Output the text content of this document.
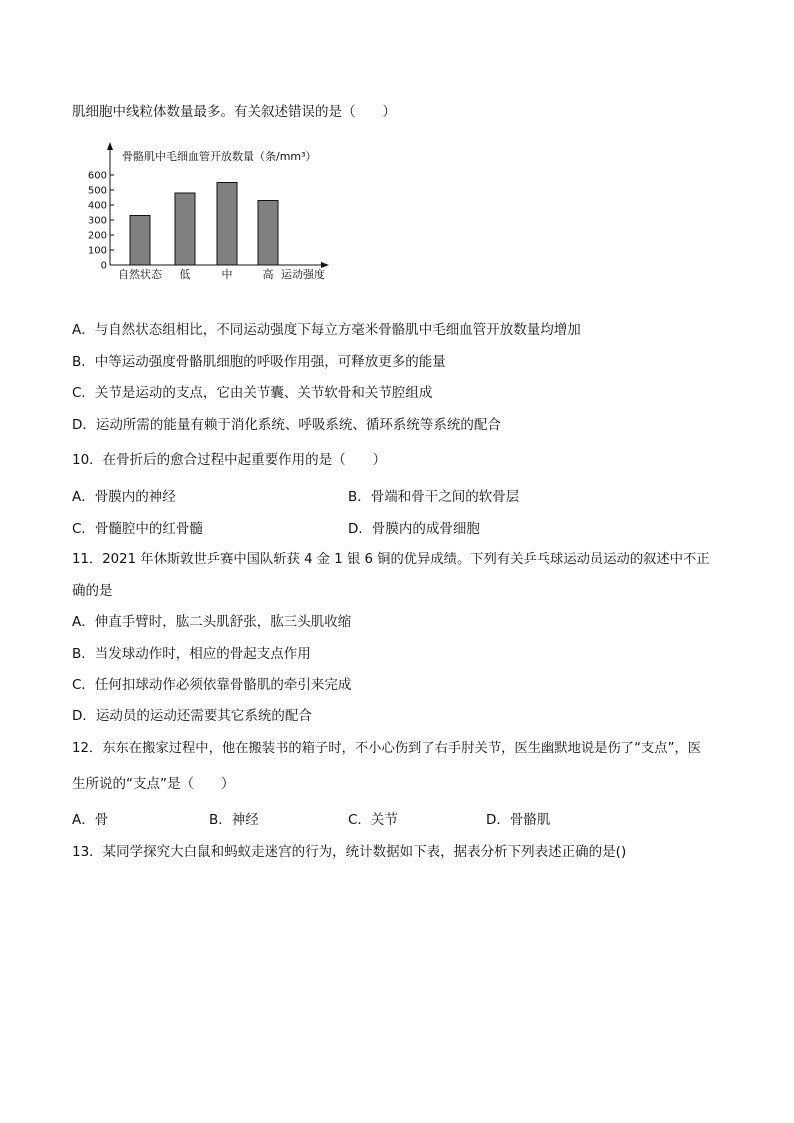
肌细胞中线粒体数量最多。有关叙述错误的是（　　）
骨骼肌中毛细血管开放数量（条/mm³）
0
100
200
300
400
500
600
自然状态 低	中	高 运动强度
A．与自然状态组相比，不同运动强度下每立方毫米骨骼肌中毛细血管开放数量均增加
B．中等运动强度骨骼肌细胞的呼吸作用强，可释放更多的能量
C．关节是运动的支点，它由关节囊、关节软骨和关节腔组成
D．运动所需的能量有赖于消化系统、呼吸系统、循环系统等系统的配合
10．在骨折后的愈合过程中起重要作用的是（　　）
A．骨膜内的神经	B．骨端和骨干之间的软骨层
C．骨髓腔中的红骨髓	D．骨膜内的成骨细胞
11．2021 年休斯敦世乒赛中国队斩获 4 金 1 银 6 铜的优异成绩。下列有关乒乓球运动员运动的叙述中不正
确的是
A．伸直手臂时，肱二头肌舒张，肱三头肌收缩
B．当发球动作时，相应的骨起支点作用
C．任何扣球动作必须依靠骨骼肌的牵引来完成
D．运动员的运动还需要其它系统的配合
12．东东在搬家过程中，他在搬装书的箱子时，不小心伤到了右手肘关节，医生幽默地说是伤了“支点”，医
生所说的“支点”是（　　）
A．骨	B．神经	C．关节	D．骨骼肌
13．某同学探究大白鼠和蚂蚁走迷宫的行为，统计数据如下表，据表分析下列表述正确的是()
